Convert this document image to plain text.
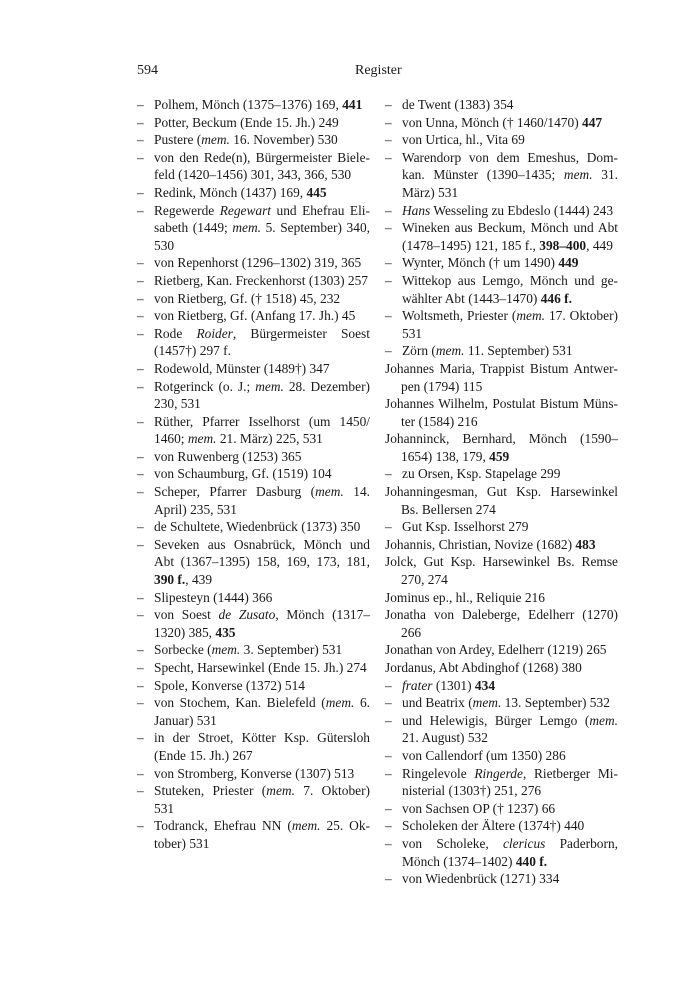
594	Register

– Polhem, Mönch (1375–1376) 169, 441

– Potter, Beckum (Ende 15. Jh.) 249

– Pustere (mem. 16. November) 530

– von den Rede(n), Bürgermeister Bielefeld (1420–1456) 301, 343, 366, 530

– Redink, Mönch (1437) 169, 445

– Regewerde Regewart und Ehefrau Elisabeth (1449; mem. 5. September) 340, 530

– von Repenhorst (1296–1302) 319, 365

– Rietberg, Kan. Freckenhorst (1303) 257

– von Rietberg, Gf. († 1518) 45, 232

– von Rietberg, Gf. (Anfang 17. Jh.) 45

– Rode Roider, Bürgermeister Soest (1457†) 297 f.

– Rodewold, Münster (1489†) 347

– Rotgerinck (o. J.; mem. 28. Dezember) 230, 531

– Rüther, Pfarrer Isselhorst (um 1450/ 1460; mem. 21. März) 225, 531

– von Ruwenberg (1253) 365

– von Schaumburg, Gf. (1519) 104

– Scheper, Pfarrer Dasburg (mem. 14. April) 235, 531

– de Schultete, Wiedenbrück (1373) 350

– Seveken aus Osnabrück, Mönch und Abt (1367–1395) 158, 169, 173, 181, 390 f., 439

– Slipesteyn (1444) 366

– von Soest de Zusato, Mönch (1317–1320) 385, 435

– Sorbecke (mem. 3. September) 531

– Specht, Harsewinkel (Ende 15. Jh.) 274

– Spole, Konverse (1372) 514

– von Stochem, Kan. Bielefeld (mem. 6. Januar) 531

– in der Stroet, Kötter Ksp. Gütersloh (Ende 15. Jh.) 267

– von Stromberg, Konverse (1307) 513

– Stuteken, Priester (mem. 7. Oktober) 531

– Todranck, Ehefrau NN (mem. 25. Oktober) 531

– de Twent (1383) 354

– von Unna, Mönch († 1460/1470) 447

– von Urtica, hl., Vita 69

– Warendorp von dem Emeshus, Domkan. Münster (1390–1435; mem. 31. März) 531

– Hans Wesseling zu Ebdeslo (1444) 243

– Wineken aus Beckum, Mönch und Abt (1478–1495) 121, 185 f., 398–400, 449

– Wynter, Mönch († um 1490) 449

– Wittekop aus Lemgo, Mönch und gewählter Abt (1443–1470) 446 f.

– Woltsmeth, Priester (mem. 17. Oktober) 531

– Zörn (mem. 11. September) 531

Johannes Maria, Trappist Bistum Antwerpen (1794) 115

Johannes Wilhelm, Postulat Bistum Münster (1584) 216

Johanninck, Bernhard, Mönch (1590–1654) 138, 179, 459

– zu Orsen, Ksp. Stapelage 299

Johanningesman, Gut Ksp. Harsewinkel Bs. Bellersen 274

– Gut Ksp. Isselhorst 279

Johannis, Christian, Novize (1682) 483

Jolck, Gut Ksp. Harsewinkel Bs. Remse 270, 274

Jominus ep., hl., Reliquie 216

Jonatha von Daleberge, Edelherr (1270) 266

Jonathan von Ardey, Edelherr (1219) 265

Jordanus, Abt Abdinghof (1268) 380

– frater (1301) 434

– und Beatrix (mem. 13. September) 532

– und Helewigis, Bürger Lemgo (mem. 21. August) 532

– von Callendorf (um 1350) 286

– Ringelevole Ringerde, Rietberger Ministerial (1303†) 251, 276

– von Sachsen OP († 1237) 66

– Scholeken der Ältere (1374†) 440

– von Scholeke, clericus Paderborn, Mönch (1374–1402) 440 f.

– von Wiedenbrück (1271) 334
